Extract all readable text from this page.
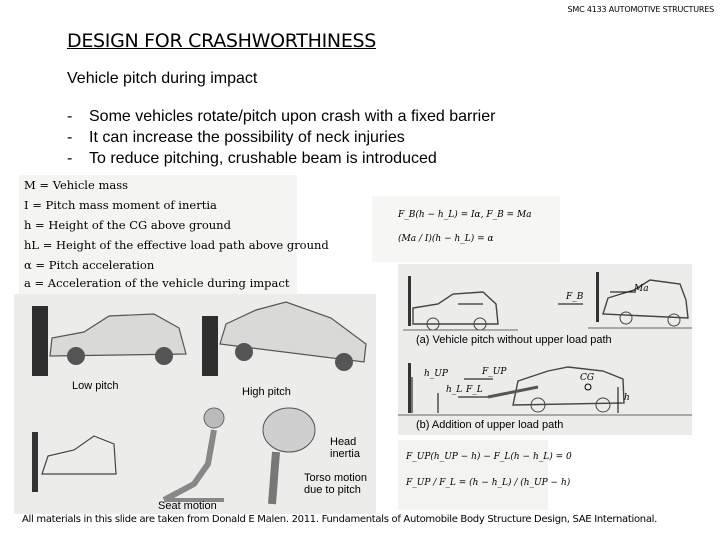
SMC 4133 AUTOMOTIVE STRUCTURES
DESIGN FOR CRASHWORTHINESS
Vehicle pitch during impact
- Some vehicles rotate/pitch upon crash with a fixed barrier
- It can increase the possibility of neck injuries
- To reduce pitching, crushable beam is introduced
M = Vehicle mass
I = Pitch mass moment of inertia
h = Height of the CG above ground
hL = Height of the effective load path above ground
α = Pitch acceleration
a = Acceleration of the vehicle during impact
F_B(h − h_L) = Iα, F_B = Ma
(Ma / I)(h − h_L) = α
F_B
Ma
(a) Vehicle pitch without upper load path
h_UP	F_UP
h_L F_L
CG
h
(b) Addition of upper load path
F_UP(h_UP − h) − F_L(h − h_L) = 0
F_UP / F_L = (h − h_L) / (h_UP − h)
Low pitch	High pitch
Head
inertia
Torso motion
due to pitch
Seat motion
All materials in this slide are taken from Donald E Malen. 2011. Fundamentals of Automobile Body Structure Design, SAE International.
